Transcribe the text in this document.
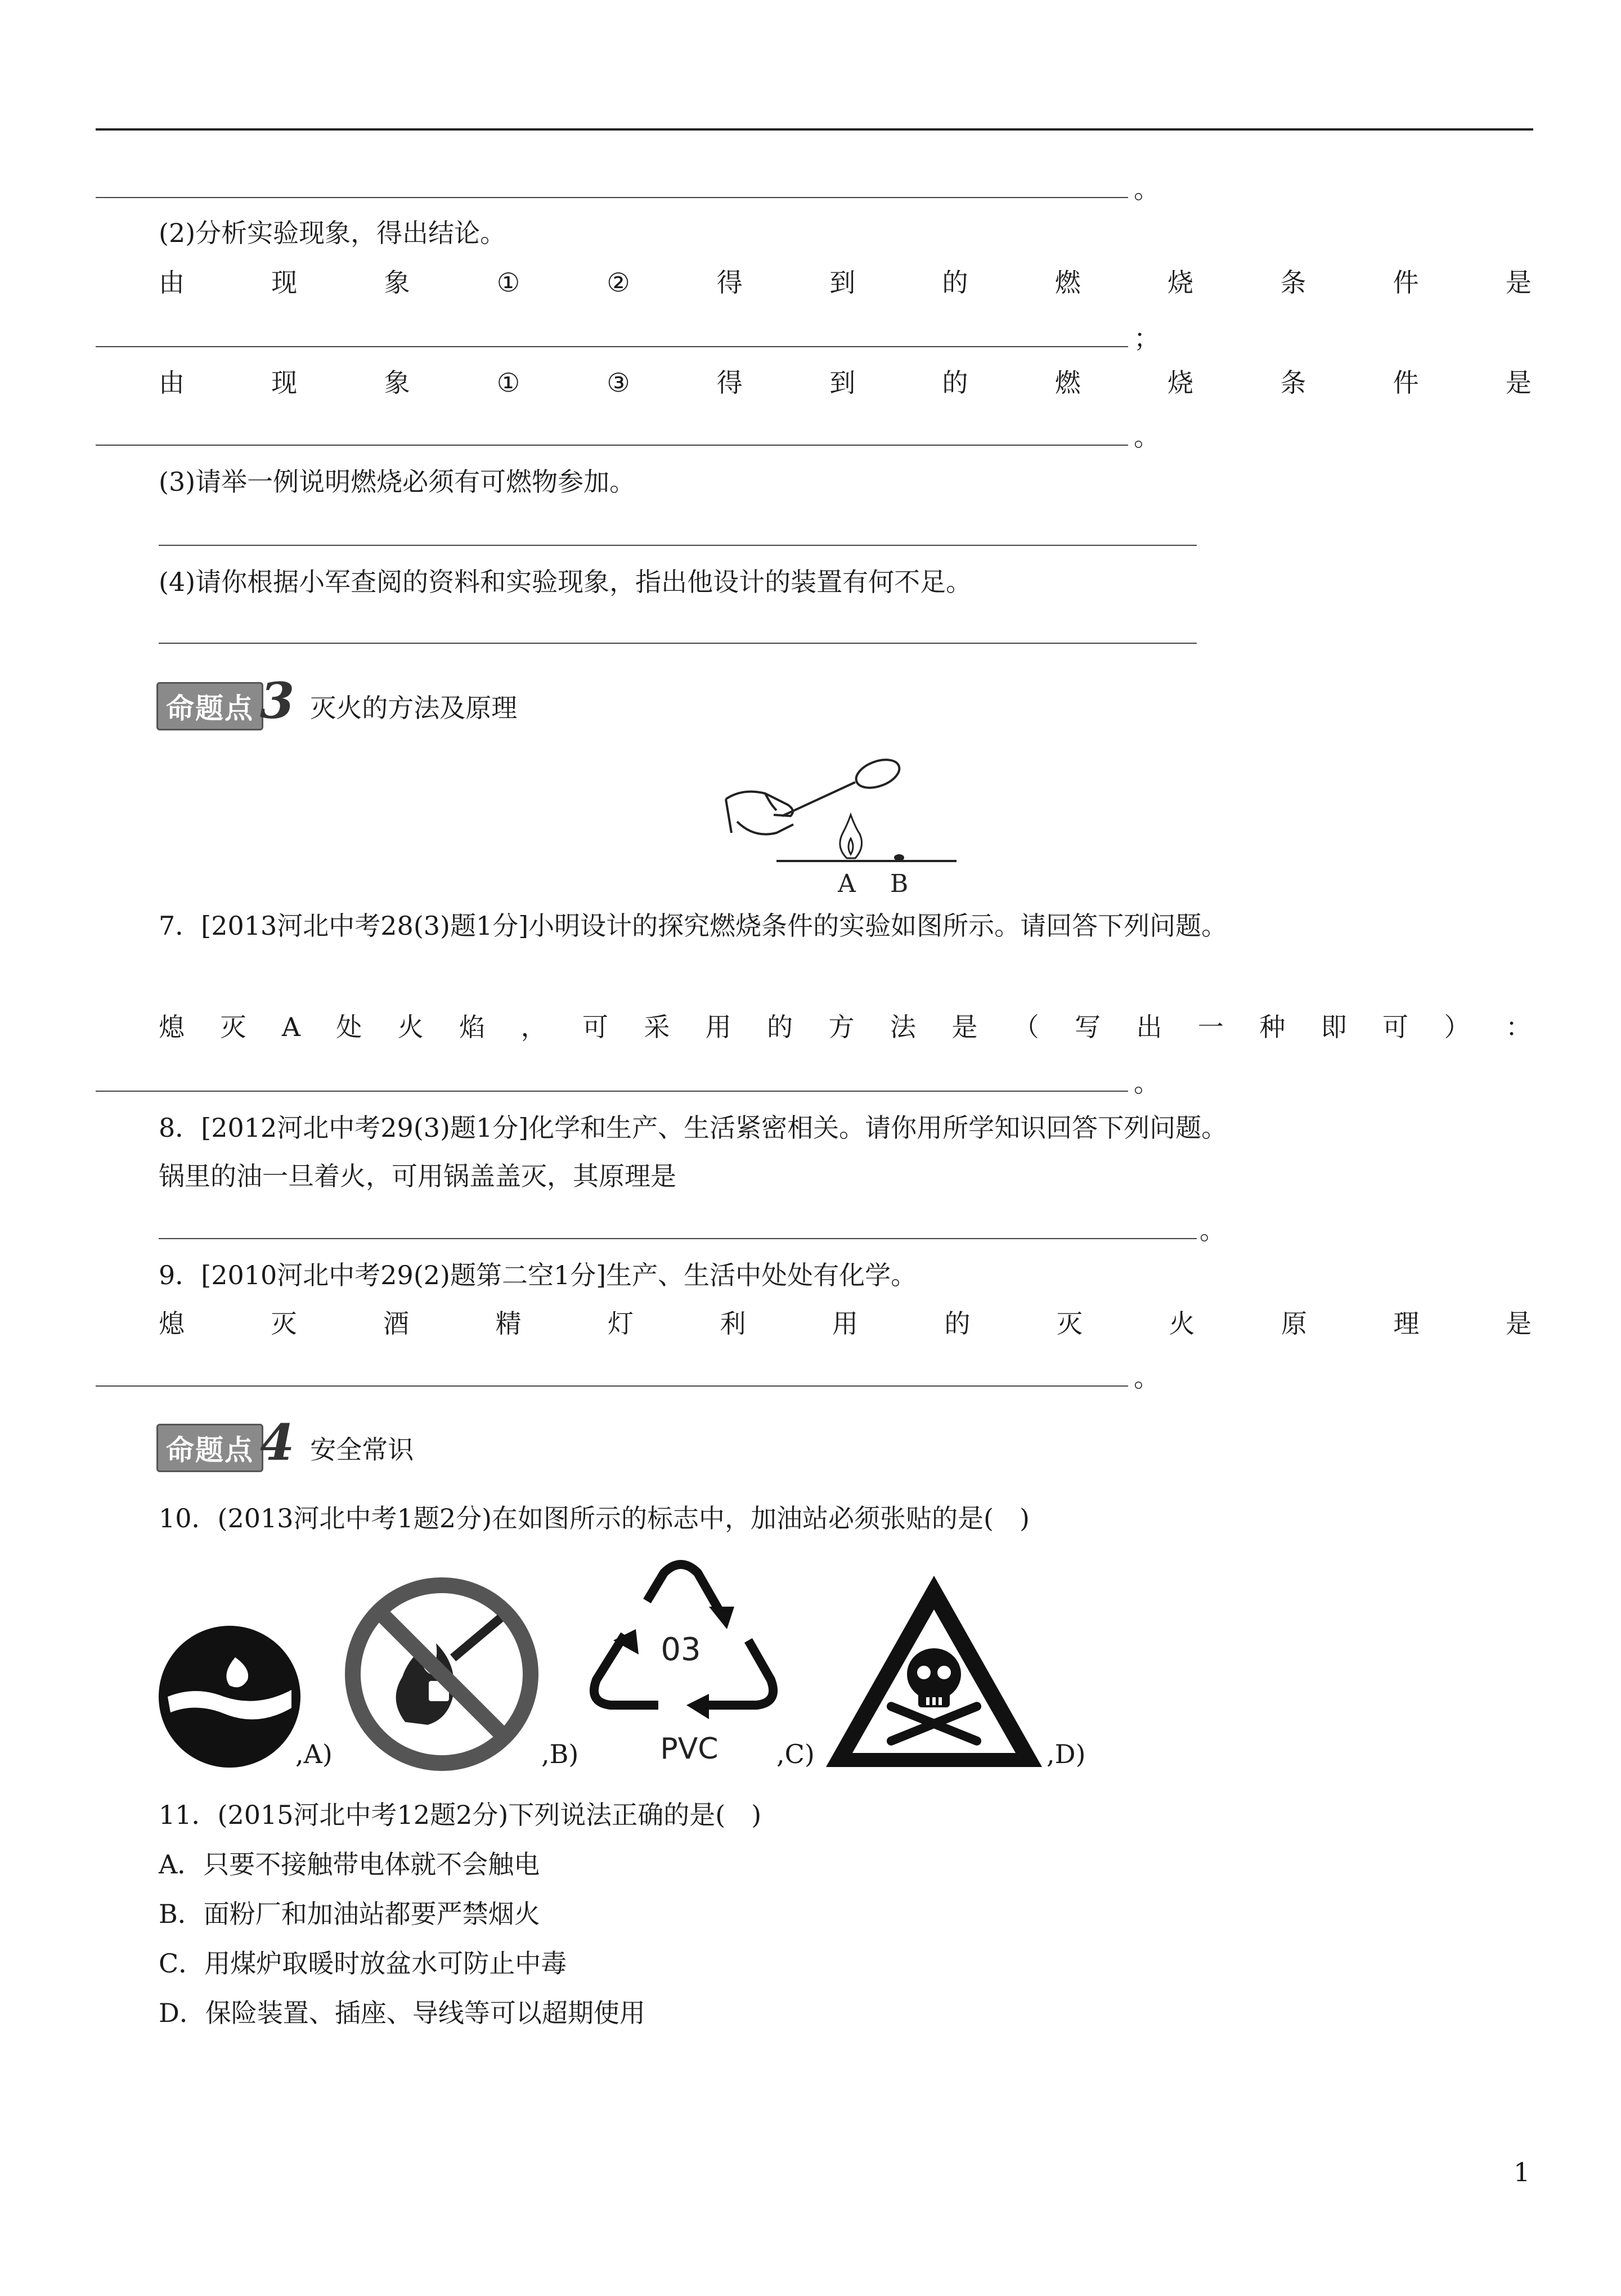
。
(2)分析实验现象，得出结论。
由	现	象	①	②	得	到	的	燃	烧	条	件	是
；
由	现	象	①	③	得	到	的	燃	烧	条	件	是
。
(3)请举一例说明燃烧必须有可燃物参加。
(4)请你根据小军查阅的资料和实验现象，指出他设计的装置有何不足。
命题点 3 灭火的方法及原理
A B
7．[2013河北中考28(3)题1分]小明设计的探究燃烧条件的实验如图所示。请回答下列问题。
熄 灭 A 处 火 焰 ， 可 采 用 的 方 法 是 （ 写 出 一 种 即 可 ） ：
。
8．[2012河北中考29(3)题1分]化学和生产、生活紧密相关。请你用所学知识回答下列问题。
锅里的油一旦着火，可用锅盖盖灭，其原理是
。
9．[2010河北中考29(2)题第二空1分]生产、生活中处处有化学。
熄	灭	酒	精	灯	利	用	的	灭	火	原	理	是
。
命题点 4 安全常识
10．(2013河北中考1题2分)在如图所示的标志中，加油站必须张贴的是(　)
,A)	,B)
03
PVC ,C)	,D)
11．(2015河北中考12题2分)下列说法正确的是(　)
A．只要不接触带电体就不会触电
B．面粉厂和加油站都要严禁烟火
C．用煤炉取暖时放盆水可防止中毒
D．保险装置、插座、导线等可以超期使用
1
